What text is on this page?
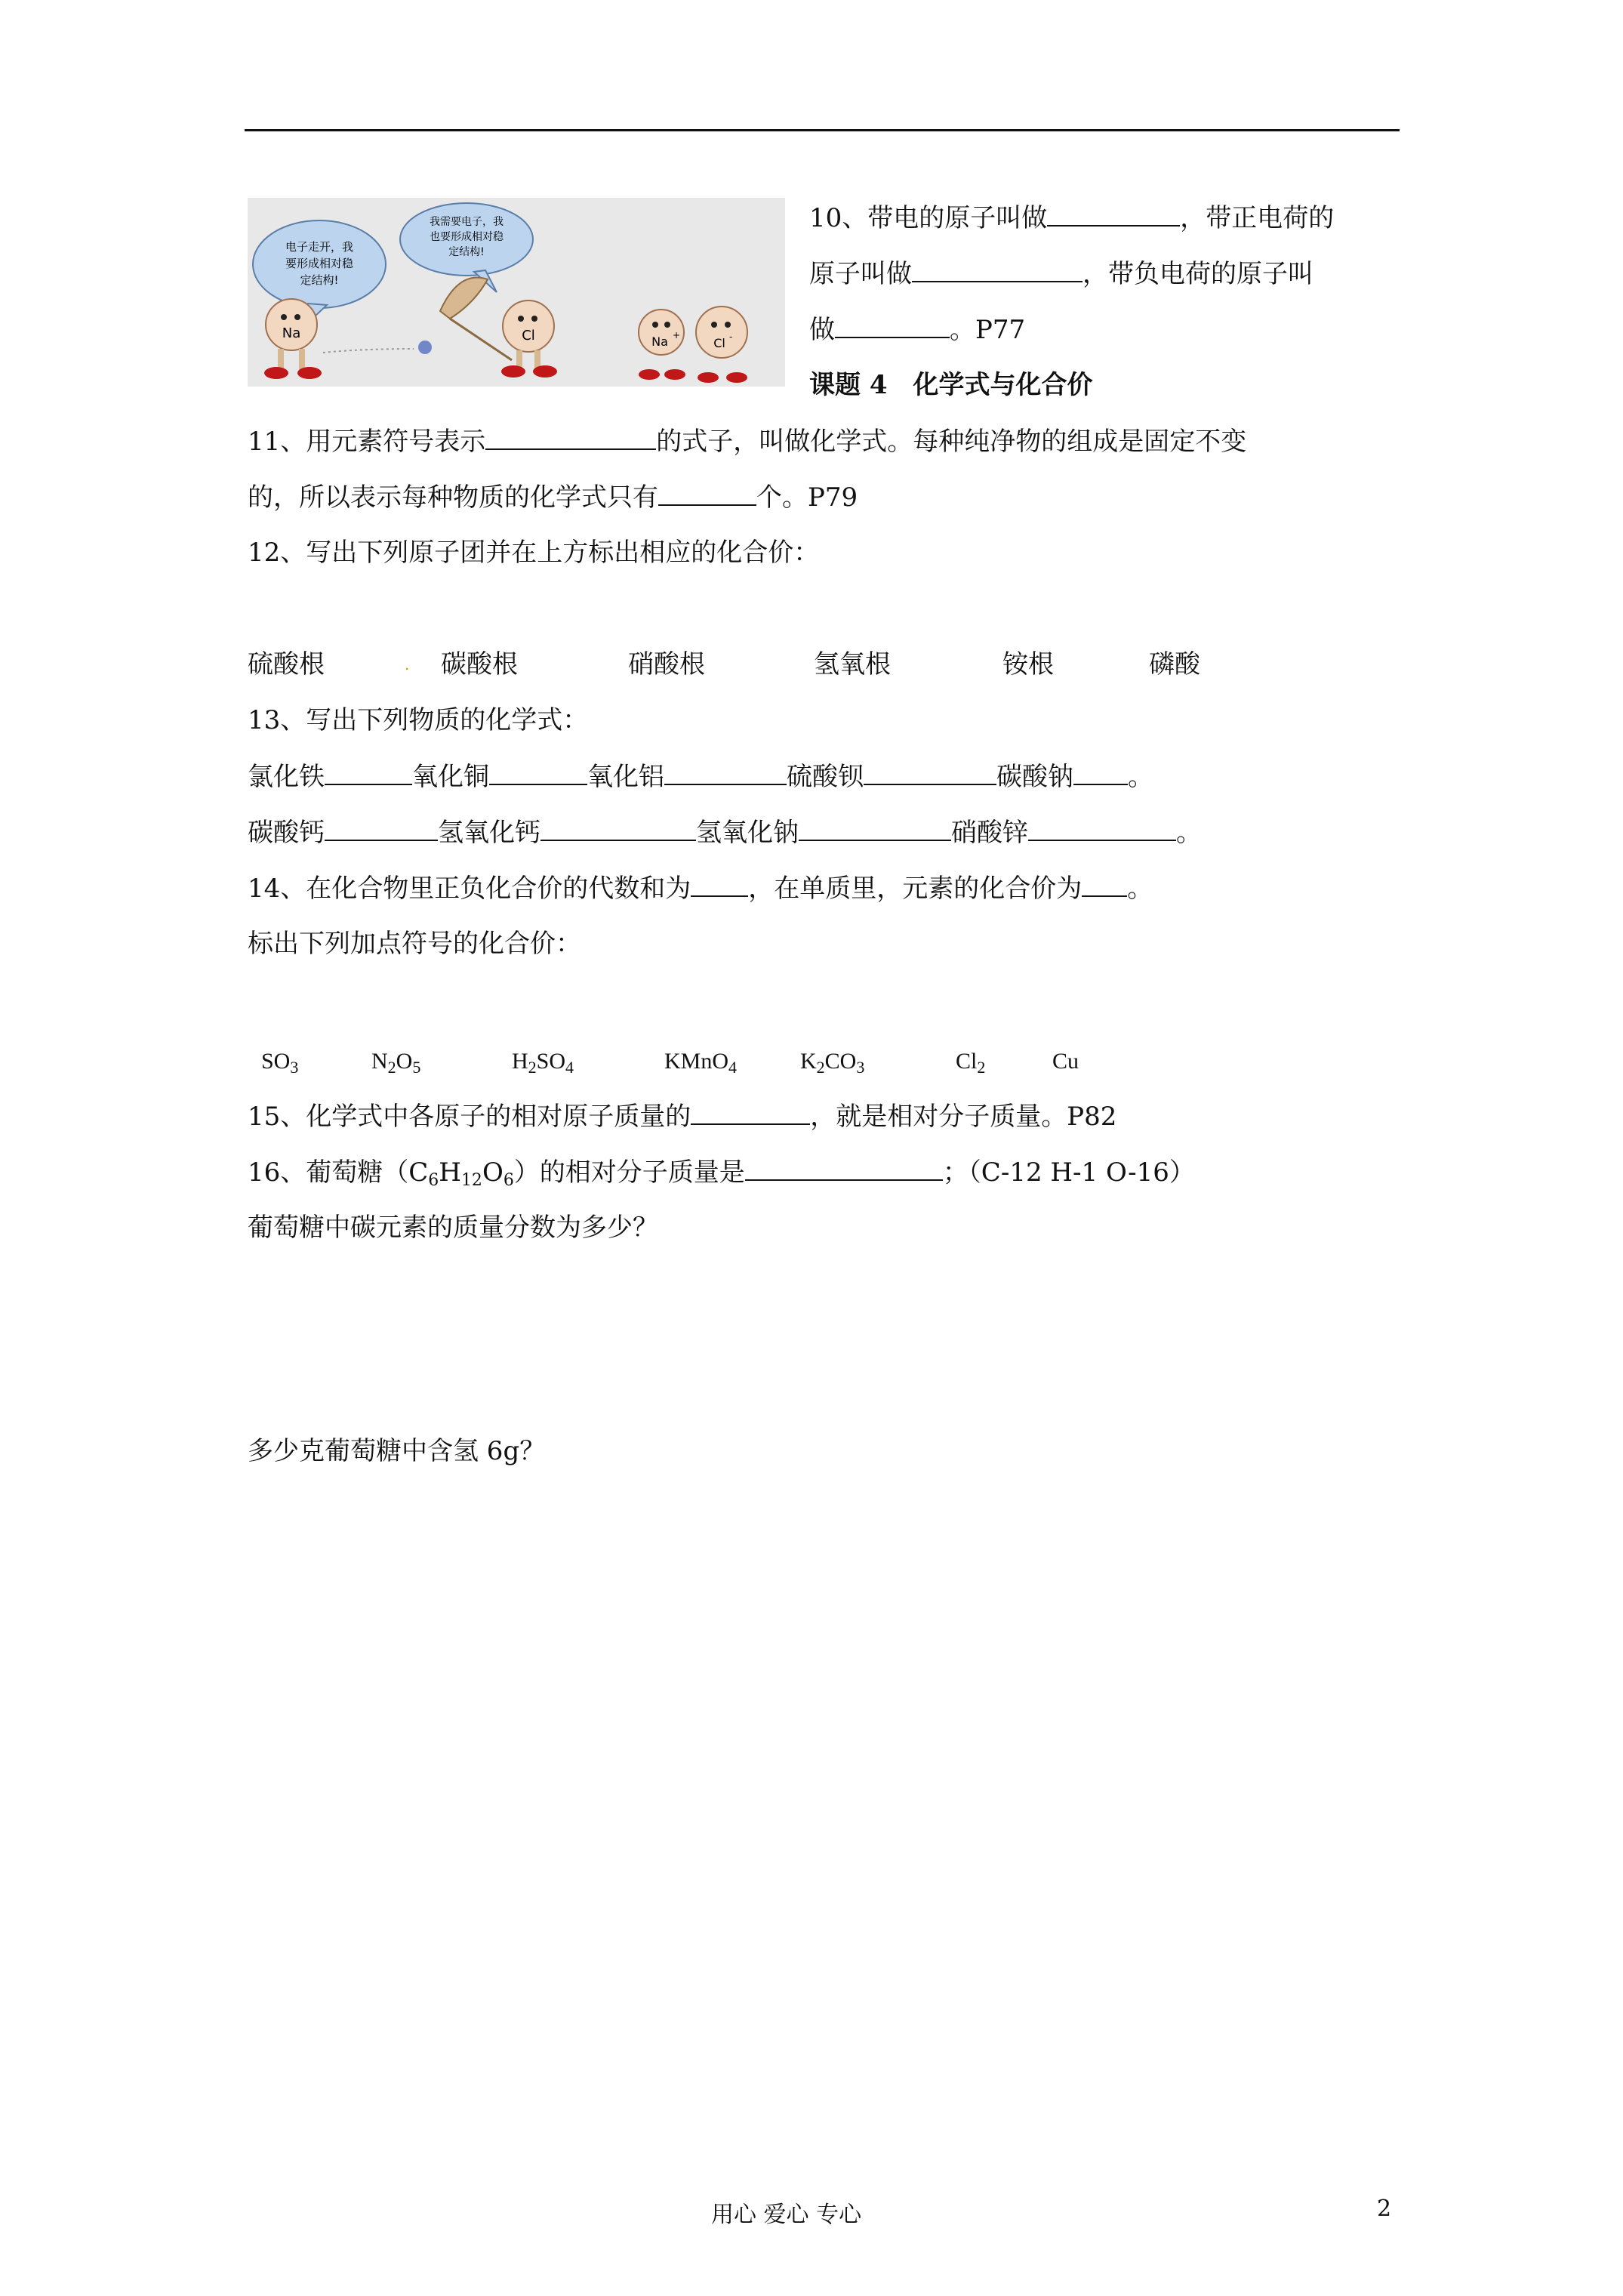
电子走开，我
要形成相对稳
定结构!
我需要电子，我
也要形成相对稳
定结构!
Na	Cl	Na +
Cl -
10、带电的原子叫做	，带正电荷的
原子叫做	，带负电荷的原子叫
做	。P77
课题 4　化学式与化合价
11、用元素符号表示	的式子，叫做化学式。每种纯净物的组成是固定不变
的，所以表示每种物质的化学式只有	个。P79
12、写出下列原子团并在上方标出相应的化合价：
硫酸根	. 碳酸根	硝酸根	氢氧根	铵根	磷酸
13、写出下列物质的化学式：
氯化铁	氧化铜	氧化铝	硫酸钡	碳酸钠 。
碳酸钙	氢氧化钙	氢氧化钠	硝酸锌	。
14、在化合物里正负化合价的代数和为 ，在单质里，元素的化合价为 。
标出下列加点符号的化合价：
$SO_3$	$N_2O_5$	$H_2SO_4$	KMnO$_4$	$K_2CO_3$	$Cl_2$	Cu
15、化学式中各原子的相对原子质量的	，就是相对分子质量。P82
16、葡萄糖$(C_6H_{12}O_6)$的相对分子质量是	；（C-12 H-1 O-16）
葡萄糖中碳元素的质量分数为多少？
多少克葡萄糖中含氢 6g？
用心 爱心 专心	2
